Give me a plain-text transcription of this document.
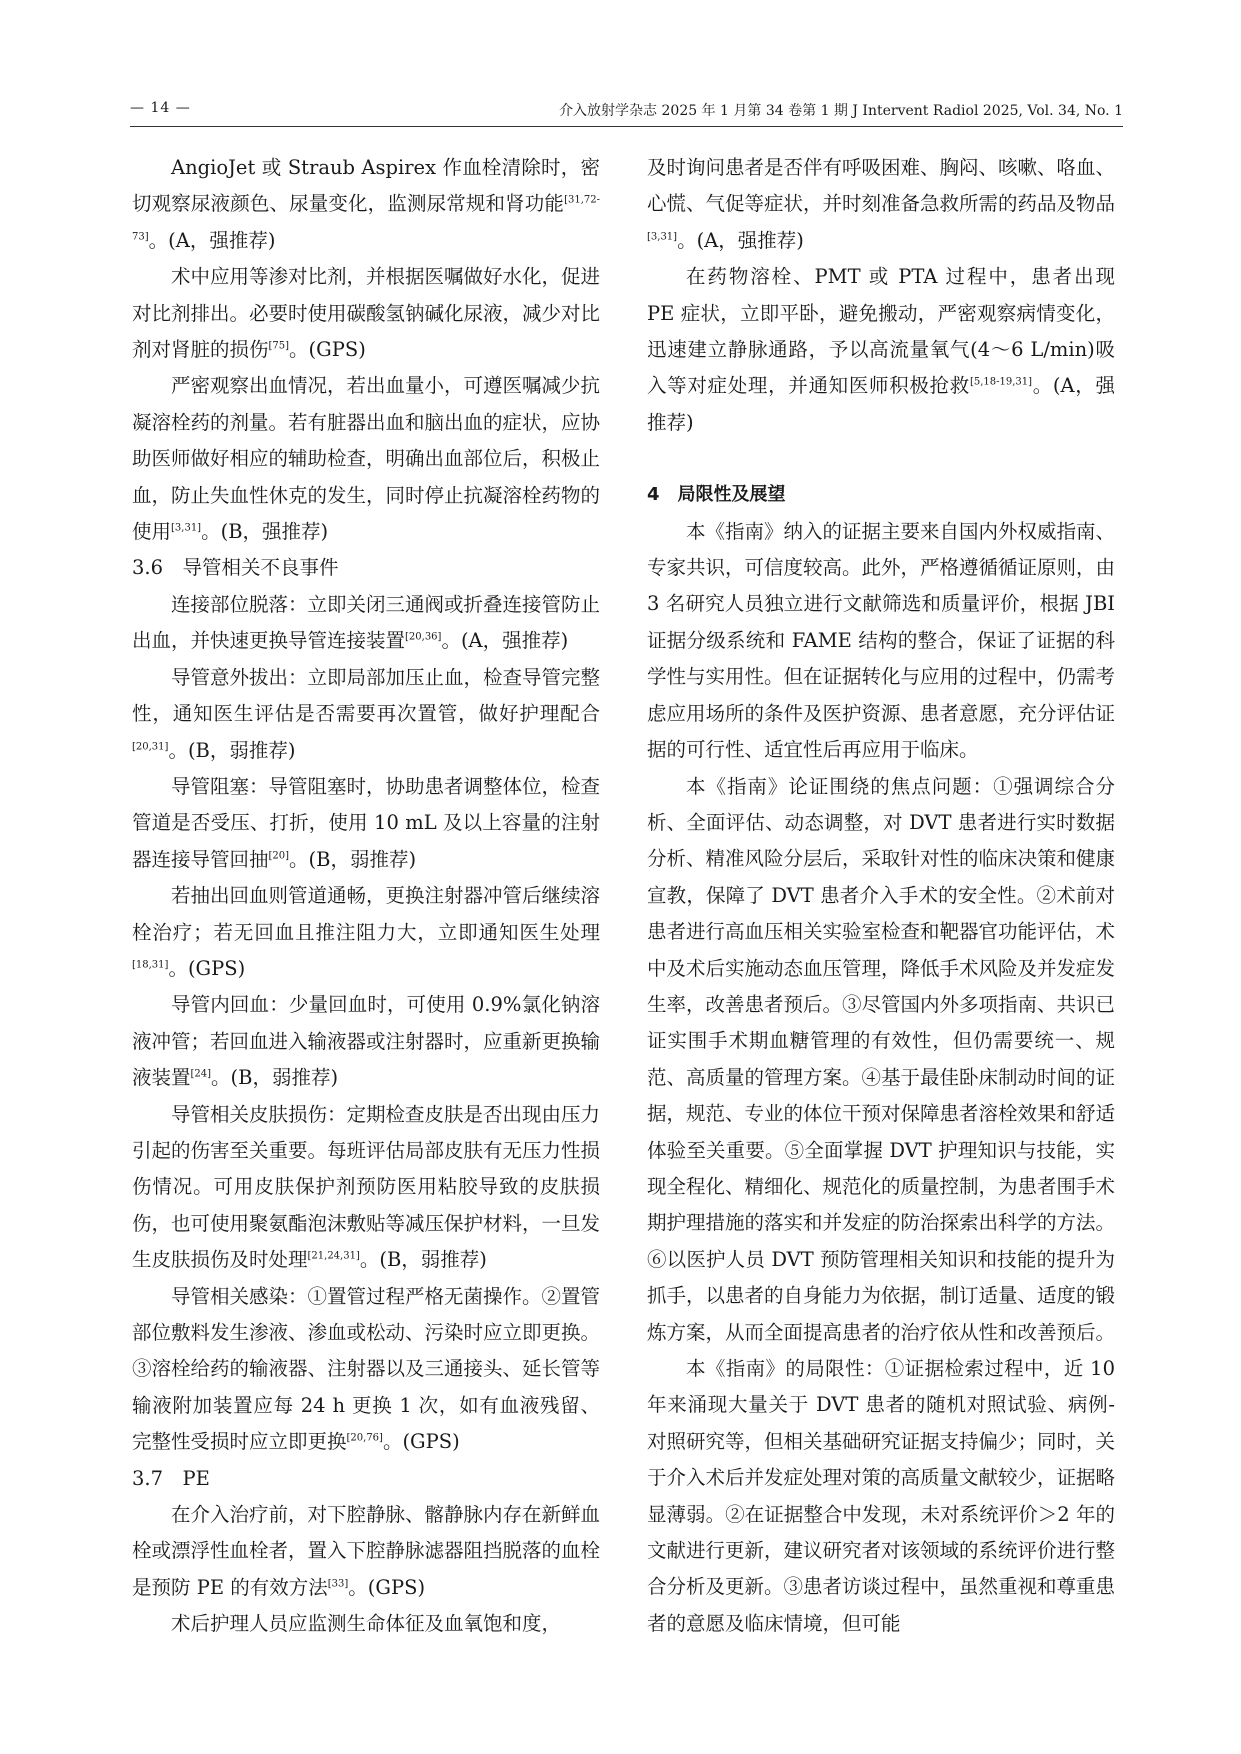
— 14 —	介入放射学杂志 2025 年 1 月第 34 卷第 1 期 J Intervent Radiol 2025, Vol. 34, No. 1

AngioJet 或 Straub Aspirex 作血栓清除时，密切观察尿液颜色、尿量变化，监测尿常规和肾功能[31,72-73]。(A，强推荐)

术中应用等渗对比剂，并根据医嘱做好水化，促进对比剂排出。必要时使用碳酸氢钠碱化尿液，减少对比剂对肾脏的损伤[75]。(GPS)

严密观察出血情况，若出血量小，可遵医嘱减少抗凝溶栓药的剂量。若有脏器出血和脑出血的症状，应协助医师做好相应的辅助检查，明确出血部位后，积极止血，防止失血性休克的发生，同时停止抗凝溶栓药物的使用[3,31]。(B，强推荐)

3.6　导管相关不良事件

连接部位脱落：立即关闭三通阀或折叠连接管防止出血，并快速更换导管连接装置[20,36]。(A，强推荐)

导管意外拔出：立即局部加压止血，检查导管完整性，通知医生评估是否需要再次置管，做好护理配合[20,31]。(B，弱推荐)

导管阻塞：导管阻塞时，协助患者调整体位，检查管道是否受压、打折，使用 10 mL 及以上容量的注射器连接导管回抽[20]。(B，弱推荐)

若抽出回血则管道通畅，更换注射器冲管后继续溶栓治疗；若无回血且推注阻力大，立即通知医生处理[18,31]。(GPS)

导管内回血：少量回血时，可使用 0.9%氯化钠溶液冲管；若回血进入输液器或注射器时，应重新更换输液装置[24]。(B，弱推荐)

导管相关皮肤损伤：定期检查皮肤是否出现由压力引起的伤害至关重要。每班评估局部皮肤有无压力性损伤情况。可用皮肤保护剂预防医用粘胶导致的皮肤损伤，也可使用聚氨酯泡沫敷贴等减压保护材料，一旦发生皮肤损伤及时处理[21,24,31]。(B，弱推荐)

导管相关感染：①置管过程严格无菌操作。②置管部位敷料发生渗液、渗血或松动、污染时应立即更换。③溶栓给药的输液器、注射器以及三通接头、延长管等输液附加装置应每 24 h 更换 1 次，如有血液残留、完整性受损时应立即更换[20,76]。(GPS)

3.7　PE

在介入治疗前，对下腔静脉、髂静脉内存在新鲜血栓或漂浮性血栓者，置入下腔静脉滤器阻挡脱落的血栓是预防 PE 的有效方法[33]。(GPS)

术后护理人员应监测生命体征及血氧饱和度，

及时询问患者是否伴有呼吸困难、胸闷、咳嗽、咯血、心慌、气促等症状，并时刻准备急救所需的药品及物品[3,31]。(A，强推荐)

在药物溶栓、PMT 或 PTA 过程中，患者出现 PE 症状，立即平卧，避免搬动，严密观察病情变化，迅速建立静脉通路，予以高流量氧气(4～6 L/min)吸入等对症处理，并通知医师积极抢救[5,18-19,31]。(A，强推荐)

4　局限性及展望

本《指南》纳入的证据主要来自国内外权威指南、专家共识，可信度较高。此外，严格遵循循证原则，由 3 名研究人员独立进行文献筛选和质量评价，根据 JBI 证据分级系统和 FAME 结构的整合，保证了证据的科学性与实用性。但在证据转化与应用的过程中，仍需考虑应用场所的条件及医护资源、患者意愿，充分评估证据的可行性、适宜性后再应用于临床。

本《指南》论证围绕的焦点问题：①强调综合分析、全面评估、动态调整，对 DVT 患者进行实时数据分析、精准风险分层后，采取针对性的临床决策和健康宣教，保障了 DVT 患者介入手术的安全性。②术前对患者进行高血压相关实验室检查和靶器官功能评估，术中及术后实施动态血压管理，降低手术风险及并发症发生率，改善患者预后。③尽管国内外多项指南、共识已证实围手术期血糖管理的有效性，但仍需要统一、规范、高质量的管理方案。④基于最佳卧床制动时间的证据，规范、专业的体位干预对保障患者溶栓效果和舒适体验至关重要。⑤全面掌握 DVT 护理知识与技能，实现全程化、精细化、规范化的质量控制，为患者围手术期护理措施的落实和并发症的防治探索出科学的方法。⑥以医护人员 DVT 预防管理相关知识和技能的提升为抓手，以患者的自身能力为依据，制订适量、适度的锻炼方案，从而全面提高患者的治疗依从性和改善预后。

本《指南》的局限性：①证据检索过程中，近 10 年来涌现大量关于 DVT 患者的随机对照试验、病例-对照研究等，但相关基础研究证据支持偏少；同时，关于介入术后并发症处理对策的高质量文献较少，证据略显薄弱。②在证据整合中发现，未对系统评价＞2 年的文献进行更新，建议研究者对该领域的系统评价进行整合分析及更新。③患者访谈过程中，虽然重视和尊重患者的意愿及临床情境，但可能
